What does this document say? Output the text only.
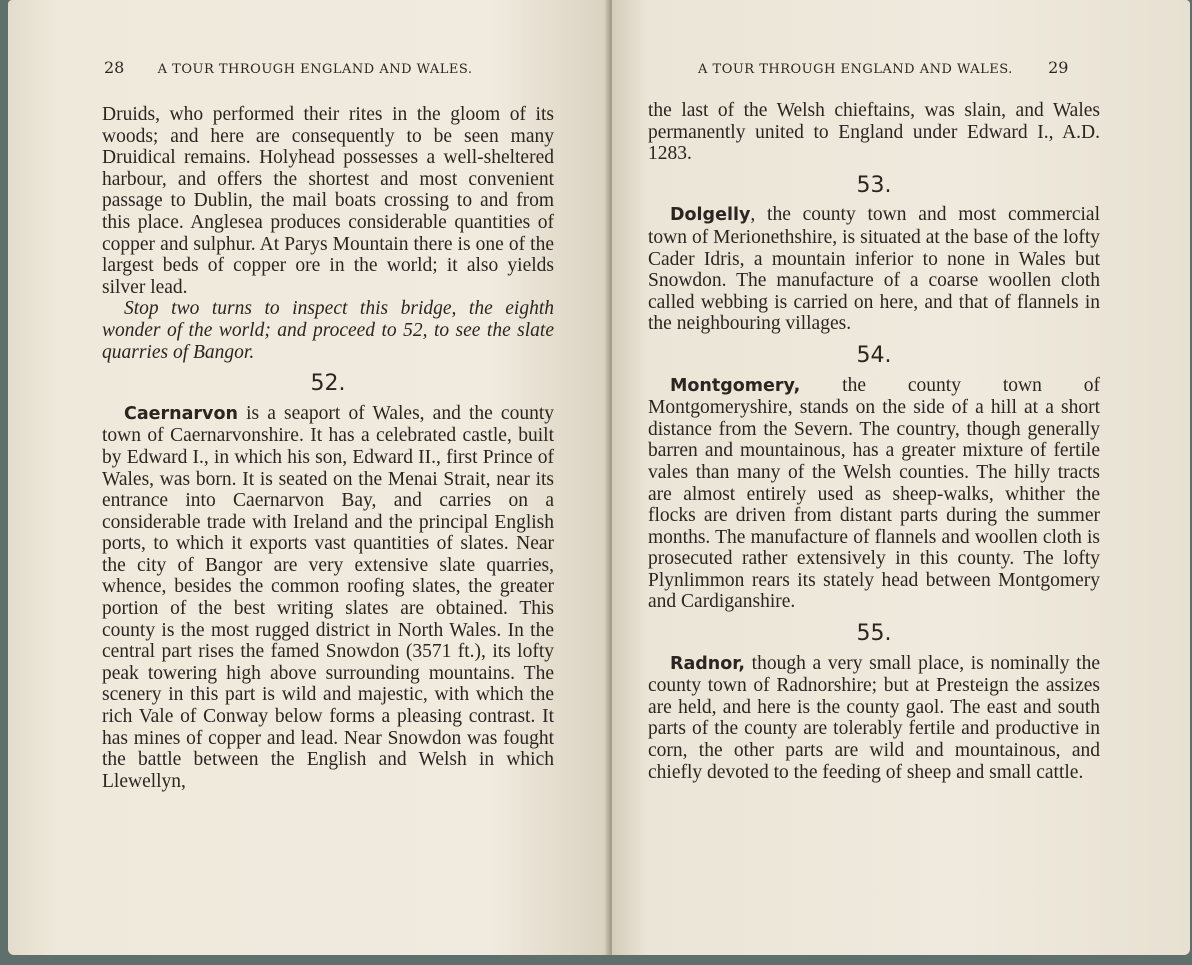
28	A TOUR THROUGH ENGLAND AND WALES.

Druids, who performed their rites in the gloom of its woods; and here are consequently to be seen many Druidical remains. Holyhead possesses a well-sheltered harbour, and offers the shortest and most convenient passage to Dublin, the mail boats crossing to and from this place. Anglesea produces considerable quantities of copper and sulphur. At Parys Mountain there is one of the largest beds of copper ore in the world; it also yields silver lead.

Stop two turns to inspect this bridge, the eighth wonder of the world; and proceed to 52, to see the slate quarries of Bangor.

52.

Caernarvon is a seaport of Wales, and the county town of Caernarvonshire. It has a celebrated castle, built by Edward I., in which his son, Edward II., first Prince of Wales, was born. It is seated on the Menai Strait, near its entrance into Caernarvon Bay, and carries on a considerable trade with Ireland and the principal English ports, to which it exports vast quantities of slates. Near the city of Bangor are very extensive slate quarries, whence, besides the common roofing slates, the greater portion of the best writing slates are obtained. This county is the most rugged district in North Wales. In the central part rises the famed Snowdon (3571 ft.), its lofty peak towering high above surrounding mountains. The scenery in this part is wild and majestic, with which the rich Vale of Conway below forms a pleasing contrast. It has mines of copper and lead. Near Snowdon was fought the battle between the English and Welsh in which Llewellyn,

A TOUR THROUGH ENGLAND AND WALES. 29

the last of the Welsh chieftains, was slain, and Wales permanently united to England under Edward I., A.D. 1283.

53.

Dolgelly, the county town and most commercial town of Merionethshire, is situated at the base of the lofty Cader Idris, a mountain inferior to none in Wales but Snowdon. The manufacture of a coarse woollen cloth called webbing is carried on here, and that of flannels in the neighbouring villages.

54.

Montgomery, the county town of Montgomeryshire, stands on the side of a hill at a short distance from the Severn. The country, though generally barren and mountainous, has a greater mixture of fertile vales than many of the Welsh counties. The hilly tracts are almost entirely used as sheep-walks, whither the flocks are driven from distant parts during the summer months. The manufacture of flannels and woollen cloth is prosecuted rather extensively in this county. The lofty Plynlimmon rears its stately head between Montgomery and Cardiganshire.

55.

Radnor, though a very small place, is nominally the county town of Radnorshire; but at Presteign the assizes are held, and here is the county gaol. The east and south parts of the county are tolerably fertile and productive in corn, the other parts are wild and mountainous, and chiefly devoted to the feeding of sheep and small cattle.
